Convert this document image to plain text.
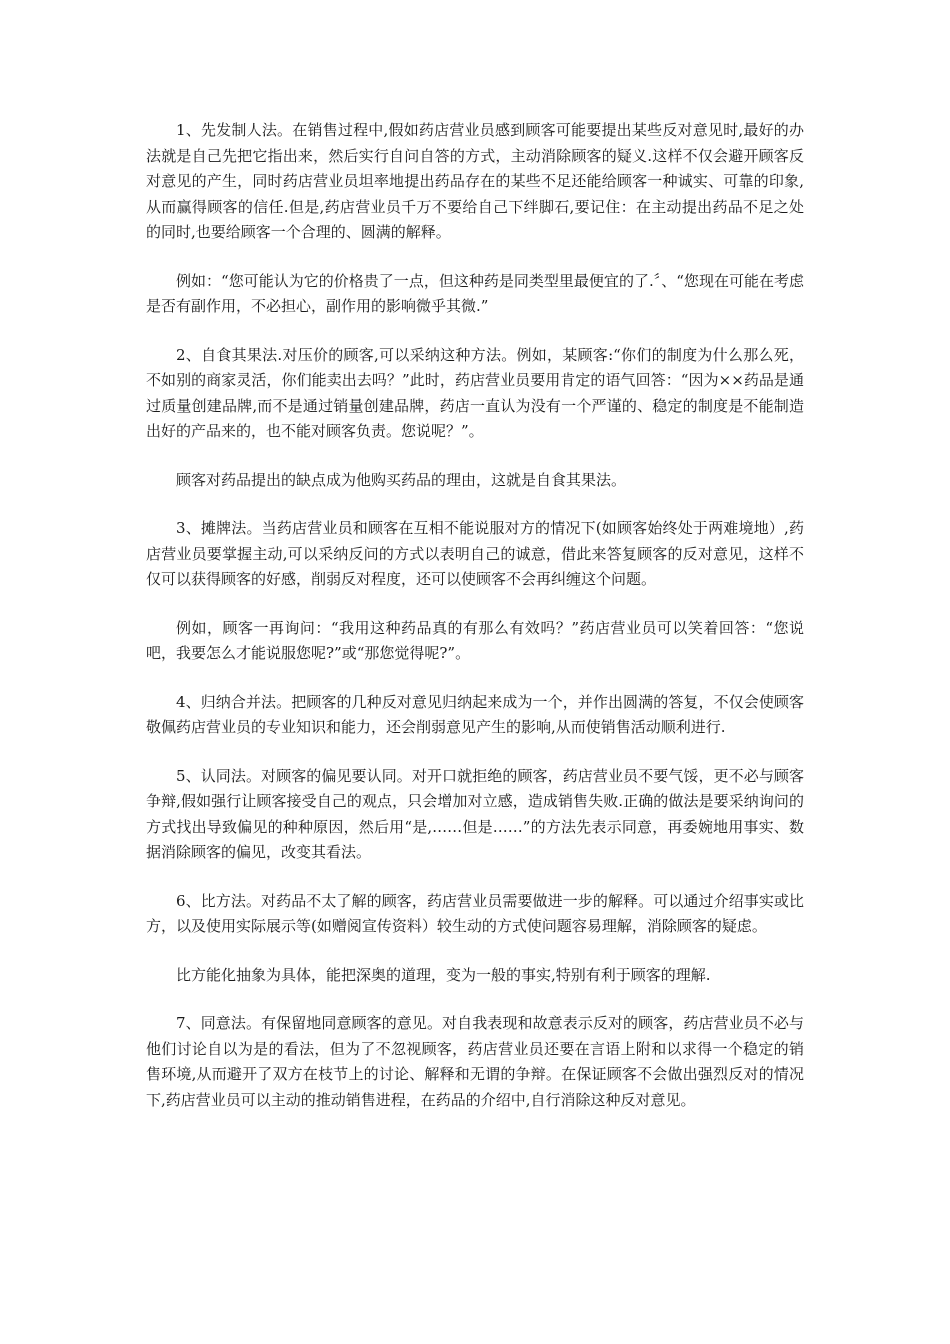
1、先发制人法。在销售过程中,假如药店营业员感到顾客可能要提出某些反对意见时,最好的办法就是自己先把它指出来，然后实行自问自答的方式，主动消除顾客的疑义.这样不仅会避开顾客反对意见的产生，同时药店营业员坦率地提出药品存在的某些不足还能给顾客一种诚实、可靠的印象,从而赢得顾客的信任.但是,药店营业员千万不要给自己下绊脚石,要记住：在主动提出药品不足之处的同时,也要给顾客一个合理的、圆满的解释。

例如：“您可能认为它的价格贵了一点，但这种药是同类型里最便宜的了.〞、“您现在可能在考虑是否有副作用，不必担心，副作用的影响微乎其微.”

2、自食其果法.对压价的顾客,可以采纳这种方法。例如，某顾客:“你们的制度为什么那么死，不如别的商家灵活，你们能卖出去吗？”此时，药店营业员要用肯定的语气回答：“因为××药品是通过质量创建品牌,而不是通过销量创建品牌，药店一直认为没有一个严谨的、稳定的制度是不能制造出好的产品来的，也不能对顾客负责。您说呢？”。

顾客对药品提出的缺点成为他购买药品的理由，这就是自食其果法。

3、摊牌法。当药店营业员和顾客在互相不能说服对方的情况下(如顾客始终处于两难境地）,药店营业员要掌握主动,可以采纳反问的方式以表明自己的诚意，借此来答复顾客的反对意见，这样不仅可以获得顾客的好感，削弱反对程度，还可以使顾客不会再纠缠这个问题。

例如，顾客一再询问：“我用这种药品真的有那么有效吗？”药店营业员可以笑着回答：“您说吧，我要怎么才能说服您呢?”或“那您觉得呢?”。

4、归纳合并法。把顾客的几种反对意见归纳起来成为一个，并作出圆满的答复，不仅会使顾客敬佩药店营业员的专业知识和能力，还会削弱意见产生的影响,从而使销售活动顺利进行.

5、认同法。对顾客的偏见要认同。对开口就拒绝的顾客，药店营业员不要气馁，更不必与顾客争辩,假如强行让顾客接受自己的观点，只会增加对立感，造成销售失败.正确的做法是要采纳询问的方式找出导致偏见的种种原因，然后用“是,……但是……”的方法先表示同意，再委婉地用事实、数据消除顾客的偏见，改变其看法。

6、比方法。对药品不太了解的顾客，药店营业员需要做进一步的解释。可以通过介绍事实或比方，以及使用实际展示等(如赠阅宣传资料）较生动的方式使问题容易理解，消除顾客的疑虑。

比方能化抽象为具体，能把深奥的道理，变为一般的事实,特别有利于顾客的理解.

7、同意法。有保留地同意顾客的意见。对自我表现和故意表示反对的顾客，药店营业员不必与他们讨论自以为是的看法，但为了不忽视顾客，药店营业员还要在言语上附和以求得一个稳定的销售环境,从而避开了双方在枝节上的讨论、解释和无谓的争辩。在保证顾客不会做出强烈反对的情况下,药店营业员可以主动的推动销售进程，在药品的介绍中,自行消除这种反对意见。
